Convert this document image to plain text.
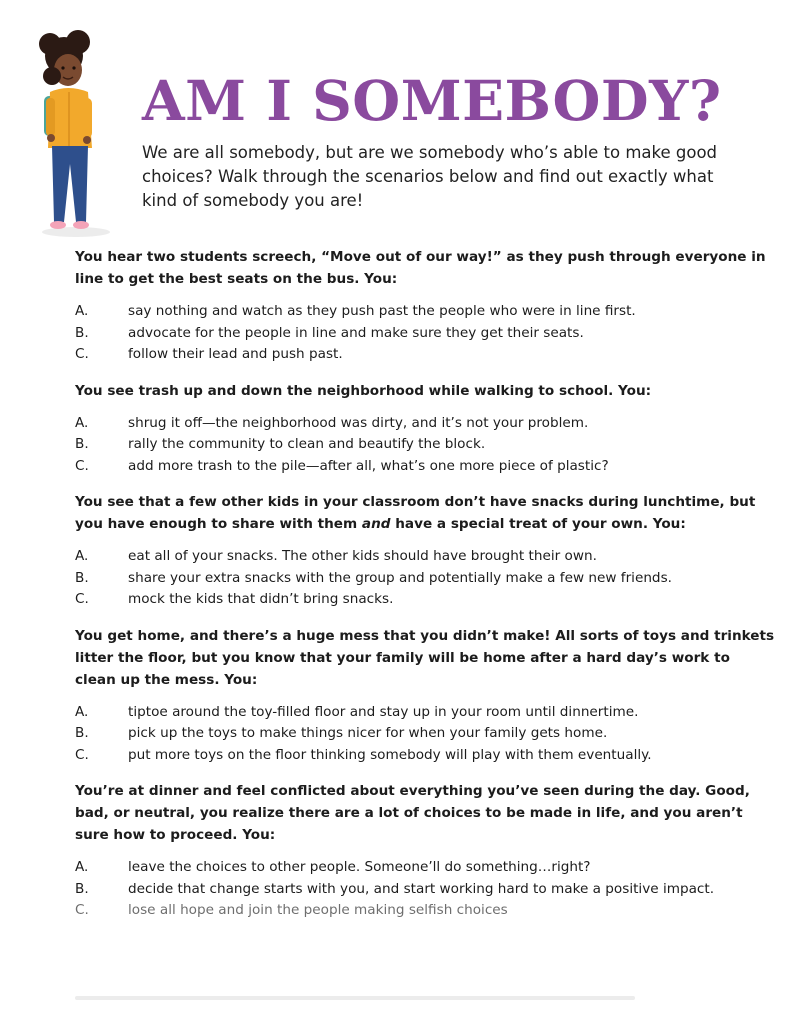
AM I SOMEBODY?

We are all somebody, but are we somebody who’s able to make good choices? Walk through the scenarios below and find out exactly what kind of somebody you are!

You hear two students screech, “Move out of our way!” as they push through everyone in line to get the best seats on the bus. You:

A.	say nothing and watch as they push past the people who were in line first.
B.	advocate for the people in line and make sure they get their seats.
C.	follow their lead and push past.

You see trash up and down the neighborhood while walking to school. You:

A.	shrug it off—the neighborhood was dirty, and it’s not your problem.
B.	rally the community to clean and beautify the block.
C.	add more trash to the pile—after all, what’s one more piece of plastic?

You see that a few other kids in your classroom don’t have snacks during lunchtime, but you have enough to share with them and have a special treat of your own. You:

A.	eat all of your snacks. The other kids should have brought their own.
B.	share your extra snacks with the group and potentially make a few new friends.
C.	mock the kids that didn’t bring snacks.

You get home, and there’s a huge mess that you didn’t make! All sorts of toys and trinkets litter the floor, but you know that your family will be home after a hard day’s work to clean up the mess. You:

A.	tiptoe around the toy-filled floor and stay up in your room until dinnertime.
B.	pick up the toys to make things nicer for when your family gets home.
C.	put more toys on the floor thinking somebody will play with them eventually.

You’re at dinner and feel conflicted about everything you’ve seen during the day. Good, bad, or neutral, you realize there are a lot of choices to be made in life, and you aren’t sure how to proceed. You:

A.	leave the choices to other people. Someone’ll do something…right?
B.	decide that change starts with you, and start working hard to make a positive impact.
C.	lose all hope and join the people making selfish choices
